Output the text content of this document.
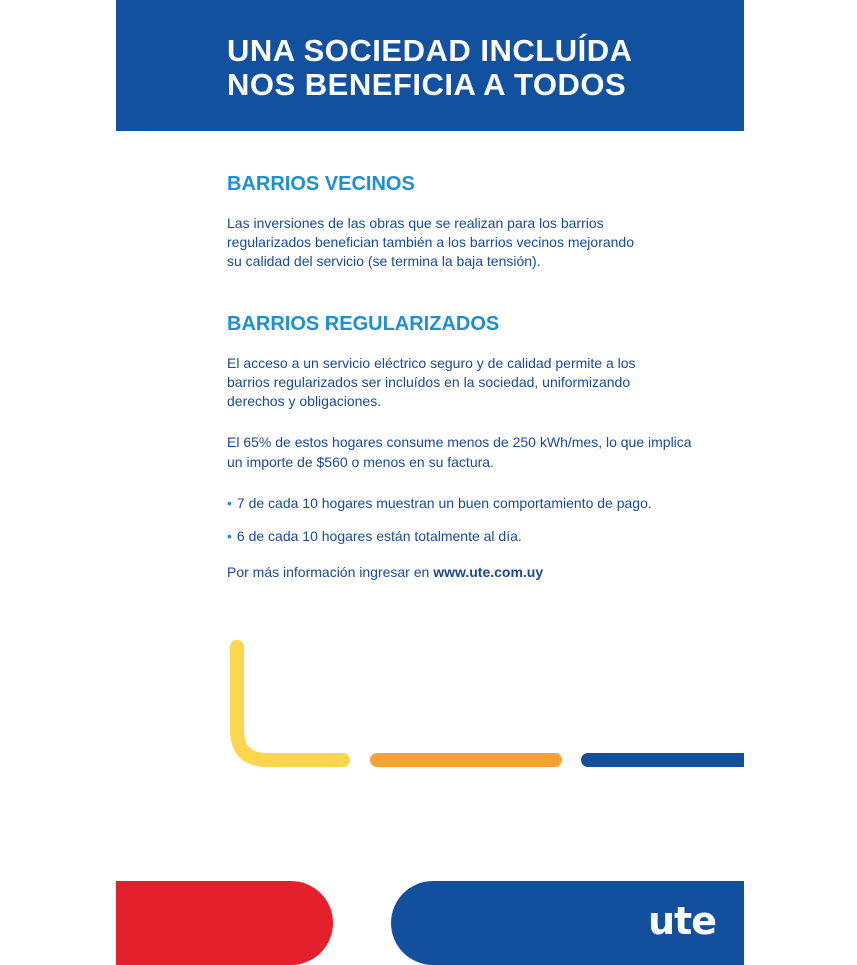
UNA SOCIEDAD INCLUÍDA
NOS BENEFICIA A TODOS
BARRIOS VECINOS

Las inversiones de las obras que se realizan para los barrios
regularizados benefician también a los barrios vecinos mejorando
su calidad del servicio (se termina la baja tensión).

BARRIOS REGULARIZADOS

El acceso a un servicio eléctrico seguro y de calidad permite a los
barrios regularizados ser incluídos en la sociedad, uniformizando
derechos y obligaciones.

El 65% de estos hogares consume menos de 250 kWh/mes, lo que implica
un importe de $560 o menos en su factura.

• 7 de cada 10 hogares muestran un buen comportamiento de pago.

• 6 de cada 10 hogares están totalmente al día.

Por más información ingresar en www.ute.com.uy

ute
